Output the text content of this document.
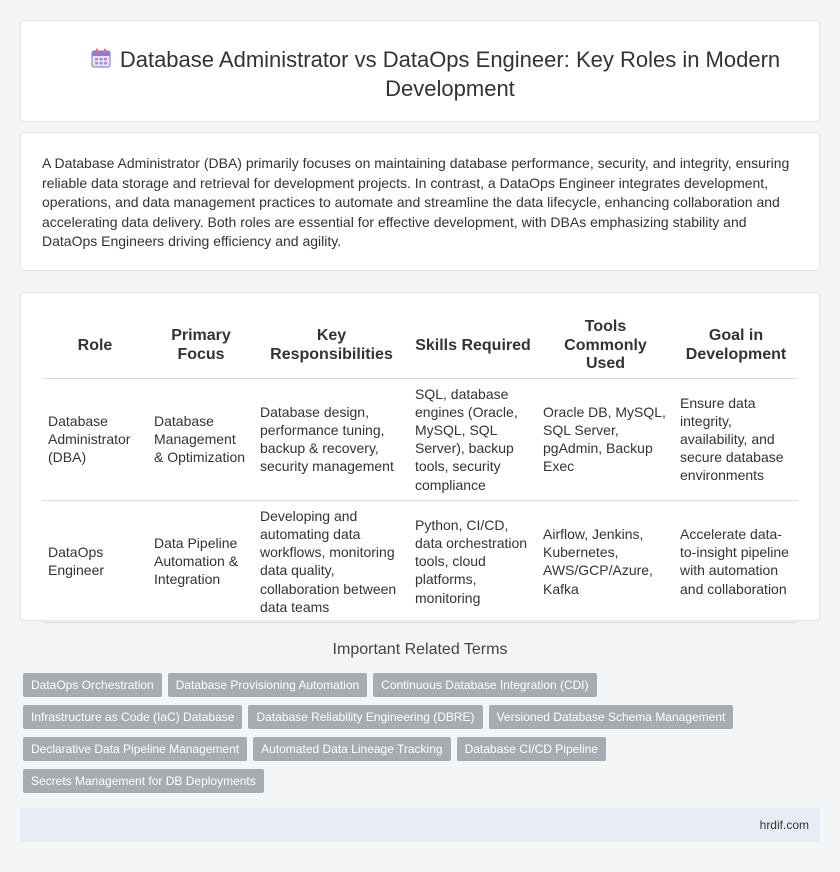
Database Administrator vs DataOps Engineer: Key Roles in Modern Development

A Database Administrator (DBA) primarily focuses on maintaining database performance, security, and integrity, ensuring reliable data storage and retrieval for development projects. In contrast, a DataOps Engineer integrates development, operations, and data management practices to automate and streamline the data lifecycle, enhancing collaboration and accelerating data delivery. Both roles are essential for effective development, with DBAs emphasizing stability and DataOps Engineers driving efficiency and agility.

Role	Primary Focus	Key Responsibilities	Skills Required	Tools Commonly Used	Goal in Development
Database Administrator (DBA)	Database Management & Optimization	Database design, performance tuning, backup & recovery, security management	SQL, database engines (Oracle, MySQL, SQL Server), backup tools, security compliance	Oracle DB, MySQL, SQL Server, pgAdmin, Backup Exec	Ensure data integrity, availability, and secure database environments
DataOps Engineer	Data Pipeline Automation & Integration	Developing and automating data workflows, monitoring data quality, collaboration between data teams	Python, CI/CD, data orchestration tools, cloud platforms, monitoring	Airflow, Jenkins, Kubernetes, AWS/GCP/Azure, Kafka	Accelerate data-to-insight pipeline with automation and collaboration
Important Related Terms
DataOps Orchestration	Database Provisioning Automation	Continuous Database Integration (CDI)
Infrastructure as Code (IaC) Database	Database Reliability Engineering (DBRE)	Versioned Database Schema Management
Declarative Data Pipeline Management	Automated Data Lineage Tracking	Database CI/CD Pipeline
Secrets Management for DB Deployments
hrdif.com
